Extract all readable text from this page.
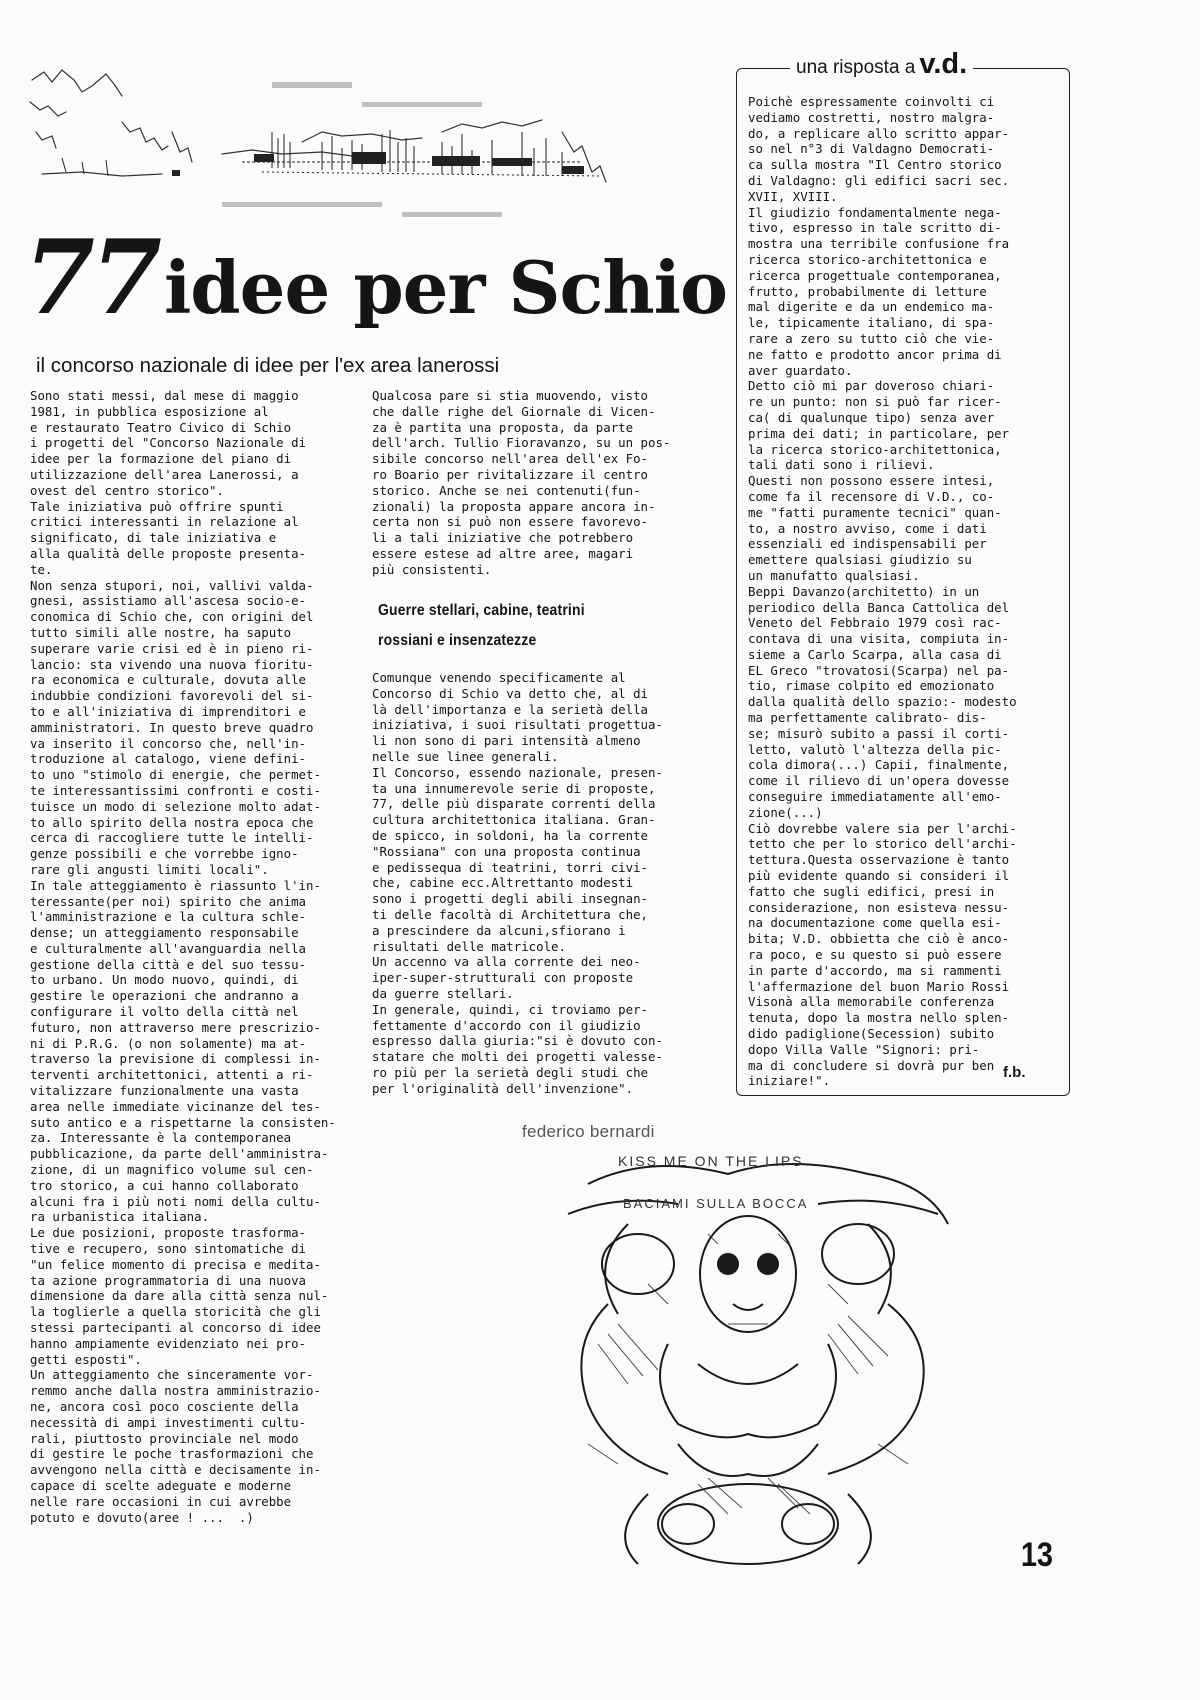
77idee per Schio
il concorso nazionale di idee per l'ex area lanerossi
Sono stati messi, dal mese di maggio
1981, in pubblica esposizione al
e restaurato Teatro Civico di Schio
i progetti del "Concorso Nazionale di
idee per la formazione del piano di
utilizzazione dell'area Lanerossi, a
ovest del centro storico".
Tale iniziativa può offrire spunti
critici interessanti in relazione al
significato, di tale iniziativa e
alla qualità delle proposte presenta-
te.
Non senza stupori, noi, vallivi valda-
gnesi, assistiamo all'ascesa socio-e-
conomica di Schio che, con origini del
tutto simili alle nostre, ha saputo
superare varie crisi ed è in pieno ri-
lancio: sta vivendo una nuova fioritu-
ra economica e culturale, dovuta alle
indubbie condizioni favorevoli del si-
to e all'iniziativa di imprenditori e
amministratori. In questo breve quadro
va inserito il concorso che, nell'in-
troduzione al catalogo, viene defini-
to uno "stimolo di energie, che permet-
te interessantissimi confronti e costi-
tuisce un modo di selezione molto adat-
to allo spirito della nostra epoca che
cerca di raccogliere tutte le intelli-
genze possibili e che vorrebbe igno-
rare gli angusti limiti locali".
In tale atteggiamento è riassunto l'in-
teressante(per noi) spirito che anima
l'amministrazione e la cultura schle-
dense; un atteggiamento responsabile
e culturalmente all'avanguardia nella
gestione della città e del suo tessu-
to urbano. Un modo nuovo, quindi, di
gestire le operazioni che andranno a
configurare il volto della città nel
futuro, non attraverso mere prescrizio-
ni di P.R.G. (o non solamente) ma at-
traverso la previsione di complessi in-
terventi architettonici, attenti a ri-
vitalizzare funzionalmente una vasta
area nelle immediate vicinanze del tes-
suto antico e a rispettarne la consisten-
za. Interessante è la contemporanea
pubblicazione, da parte dell'amministra-
zione, di un magnifico volume sul cen-
tro storico, a cui hanno collaborato
alcuni fra i più noti nomi della cultu-
ra urbanistica italiana.
Le due posizioni, proposte trasforma-
tive e recupero, sono sintomatiche di
"un felice momento di precisa e medita-
ta azione programmatoria di una nuova
dimensione da dare alla città senza nul-
la toglierle a quella storicità che gli
stessi partecipanti al concorso di idee
hanno ampiamente evidenziato nei pro-
getti esposti".
Un atteggiamento che sinceramente vor-
remmo anche dalla nostra amministrazio-
ne, ancora così poco cosciente della
necessità di ampi investimenti cultu-
rali, piuttosto provinciale nel modo
di gestire le poche trasformazioni che
avvengono nella città e decisamente in-
capace di scelte adeguate e moderne
nelle rare occasioni in cui avrebbe
potuto e dovuto(aree ! ...  .)
Qualcosa pare si stia muovendo, visto
che dalle righe del Giornale di Vicen-
za è partita una proposta, da parte
dell'arch. Tullio Fioravanzo, su un pos-
sibile concorso nell'area dell'ex Fo-
ro Boario per rivitalizzare il centro
storico. Anche se nei contenuti(fun-
zionali) la proposta appare ancora in-
certa non si può non essere favorevo-
li a tali iniziative che potrebbero
essere estese ad altre aree, magari
più consistenti.
Guerre stellari, cabine, teatrini
rossiani e insenzatezze
Comunque venendo specificamente al
Concorso di Schio va detto che, al di
là dell'importanza e la serietà della
iniziativa, i suoi risultati progettua-
li non sono di pari intensità almeno
nelle sue linee generali.
Il Concorso, essendo nazionale, presen-
ta una innumerevole serie di proposte,
77, delle più disparate correnti della
cultura architettonica italiana. Gran-
de spicco, in soldoni, ha la corrente
"Rossiana" con una proposta continua
e pedissequa di teatrini, torri civi-
che, cabine ecc.Altrettanto modesti
sono i progetti degli abili insegnan-
ti delle facoltà di Architettura che,
a prescindere da alcuni,sfiorano i
risultati delle matricole.
Un accenno va alla corrente dei neo-
iper-super-strutturali con proposte
da guerre stellari.
In generale, quindi, ci troviamo per-
fettamente d'accordo con il giudizio
espresso dalla giuria:"si è dovuto con-
statare che molti dei progetti valesse-
ro più per la serietà degli studi che
per l'originalità dell'invenzione".
federico bernardi
una risposta a v.d.
Poichè espressamente coinvolti ci
vediamo costretti, nostro malgra-
do, a replicare allo scritto appar-
so nel n°3 di Valdagno Democrati-
ca sulla mostra "Il Centro storico
di Valdagno: gli edifici sacri sec.
XVII, XVIII.
Il giudizio fondamentalmente nega-
tivo, espresso in tale scritto di-
mostra una terribile confusione fra
ricerca storico-architettonica e
ricerca progettuale contemporanea,
frutto, probabilmente di letture
mal digerite e da un endemico ma-
le, tipicamente italiano, di spa-
rare a zero su tutto ciò che vie-
ne fatto e prodotto ancor prima di
aver guardato.
Detto ciò mi par doveroso chiari-
re un punto: non si può far ricer-
ca( di qualunque tipo) senza aver
prima dei dati; in particolare, per
la ricerca storico-architettonica,
tali dati sono i rilievi.
Questi non possono essere intesi,
come fa il recensore di V.D., co-
me "fatti puramente tecnici" quan-
to, a nostro avviso, come i dati
essenziali ed indispensabili per
emettere qualsiasi giudizio su
un manufatto qualsiasi.
Beppi Davanzo(architetto) in un
periodico della Banca Cattolica del
Veneto del Febbraio 1979 così rac-
contava di una visita, compiuta in-
sieme a Carlo Scarpa, alla casa di
EL Greco "trovatosi(Scarpa) nel pa-
tio, rimase colpito ed emozionato
dalla qualità dello spazio:- modesto
ma perfettamente calibrato- dis-
se; misurò subito a passi il corti-
letto, valutò l'altezza della pic-
cola dimora(...) Capii, finalmente,
come il rilievo di un'opera dovesse
conseguire immediatamente all'emo-
zione(...)
Ciò dovrebbe valere sia per l'archi-
tetto che per lo storico dell'archi-
tettura.Questa osservazione è tanto
più evidente quando si consideri il
fatto che sugli edifici, presi in
considerazione, non esisteva nessu-
na documentazione come quella esi-
bita; V.D. obbietta che ciò è anco-
ra poco, e su questo si può essere
in parte d'accordo, ma si rammenti
l'affermazione del buon Mario Rossi
Visonà alla memorabile conferenza
tenuta, dopo la mostra nello splen-
dido padiglione(Secession) subito
dopo Villa Valle "Signori: pri-
ma di concludere si dovrà pur ben
iniziare!".	f.b.
KISS ME ON THE LIPS
BACIAMI SULLA BOCCA
13
